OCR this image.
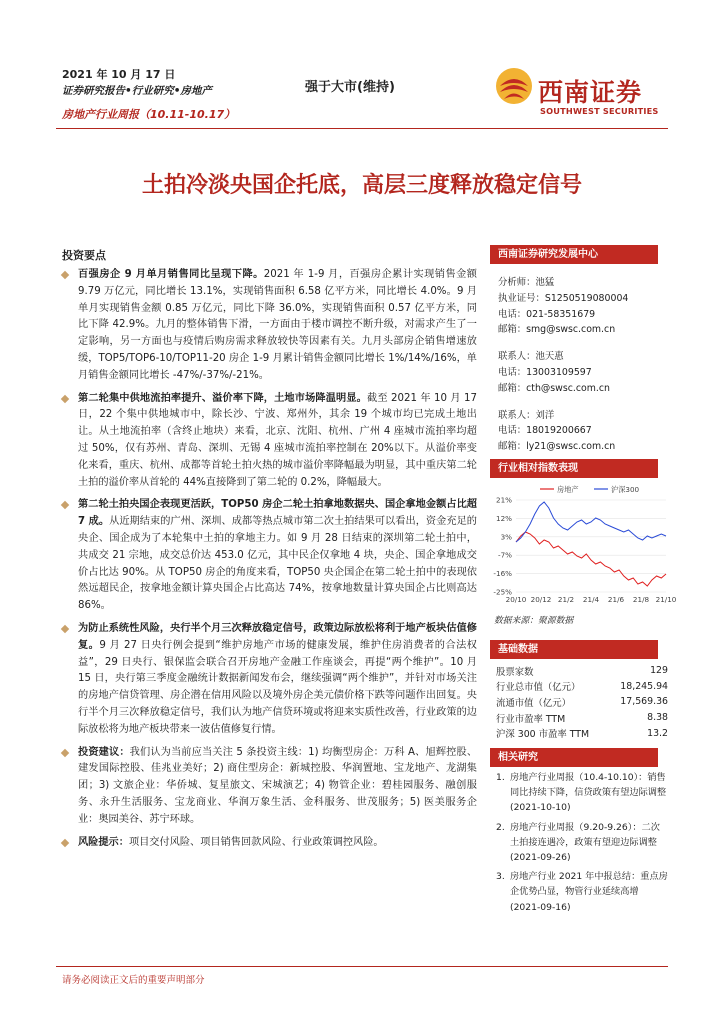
2021 年 10 月 17 日
证券研究报告•行业研究•房地产
房地产行业周报（10.11-10.17）
强于大市(维持)	西南证券
SOUTHWEST SECURITIES
土拍冷淡央国企托底，高层三度释放稳定信号
投资要点
百强房企 9 月单月销售同比呈现下降。2021 年 1-9 月，百强房企累计实现销售金额 9.79 万亿元，同比增长 13.1%，实现销售面积 6.58 亿平方米，同比增长 4.0%。9 月单月实现销售金额 0.85 万亿元，同比下降 36.0%，实现销售面积 0.57 亿平方米，同比下降 42.9%。九月的整体销售下滑，一方面由于楼市调控不断升级，对需求产生了一定影响，另一方面也与疫情后购房需求释放较快等因素有关。九月头部房企销售增速放缓，TOP5/TOP6-10/TOP11-20 房企 1-9 月累计销售金额同比增长 1%/14%/16%，单月销售金额同比增长 -47%/-37%/-21%。
第二轮集中供地流拍率提升、溢价率下降，土地市场降温明显。截至 2021 年 10 月 17 日，22 个集中供地城市中，除长沙、宁波、郑州外，其余 19 个城市均已完成土地出让。从土地流拍率（含终止地块）来看，北京、沈阳、杭州、广州 4 座城市流拍率均超过 50%，仅有苏州、青岛、深圳、无锡 4 座城市流拍率控制在 20%以下。从溢价率变化来看，重庆、杭州、成都等首轮土拍火热的城市溢价率降幅最为明显，其中重庆第二轮土拍的溢价率从首轮的 44%直接降到了第二轮的 0.2%，降幅最大。
第二轮土拍央国企表现更活跃，TOP50 房企二轮土拍拿地数据央、国企拿地金额占比超 7 成。从近期结束的广州、深圳、成都等热点城市第二次土拍结果可以看出，资金充足的央企、国企成为了本轮集中土拍的拿地主力。如 9 月 28 日结束的深圳第二轮土拍中，共成交 21 宗地，成交总价达 453.0 亿元，其中民企仅拿地 4 块，央企、国企拿地成交价占比达 90%。从 TOP50 房企的角度来看，TOP50 央企国企在第二轮土拍中的表现依然远超民企，按拿地金额计算央国企占比高达 74%，按拿地数量计算央国企占比则高达 86%。
为防止系统性风险，央行半个月三次释放稳定信号，政策边际放松将利于地产板块估值修复。9 月 27 日央行例会提到“维护房地产市场的健康发展，维护住房消费者的合法权益”，29 日央行、银保监会联合召开房地产金融工作座谈会，再提“两个维护”。10 月 15 日，央行第三季度金融统计数据新闻发布会，继续强调“两个维护”，并针对市场关注的房地产信贷管理、房企潜在信用风险以及境外房企美元债价格下跌等问题作出回复。央行半个月三次释放稳定信号，我们认为地产信贷环境或将迎来实质性改善，行业政策的边际放松将为地产板块带来一波估值修复行情。
投资建议：我们认为当前应当关注 5 条投资主线：1) 均衡型房企：万科 A、旭辉控股、建发国际控股、佳兆业美好；2) 商住型房企：新城控股、华润置地、宝龙地产、龙湖集团；3) 文旅企业：华侨城、复星旅文、宋城演艺；4) 物管企业：碧桂园服务、融创服务、永升生活服务、宝龙商业、华润万象生活、金科服务、世茂服务；5) 医美服务企业：奥园美谷、苏宁环球。
风险提示：项目交付风险、项目销售回款风险、行业政策调控风险。
西南证券研究发展中心
分析师：池猛
执业证号：S1250519080004
电话：021-58351679
邮箱：smg@swsc.com.cn
联系人：池天惠
电话：13003109597
邮箱：cth@swsc.com.cn
联系人：刘洋
电话：18019200667
邮箱：ly21@swsc.com.cn
行业相对指数表现
21%
12%
3%
-7%
-16%
-25%
20/10 20/12 21/2 21/4 21/6 21/8 21/10
房地产	沪深300
数据来源：聚源数据
基础数据
股票家数	129
行业总市值（亿元）	18,245.94
流通市值（亿元）	17,569.36
行业市盈率 TTM	8.38
沪深 300 市盈率 TTM	13.2
相关研究
1. 房地产行业周报（10.4-10.10）：销售同比持续下降，信贷政策有望边际调整 (2021-10-10)
2. 房地产行业周报（9.20-9.26）：二次土拍接连遇冷，政策有望迎边际调整 (2021-09-26)
3. 房地产行业 2021 年中报总结：重点房企优势凸显，物管行业延续高增 (2021-09-16)
请务必阅读正文后的重要声明部分
